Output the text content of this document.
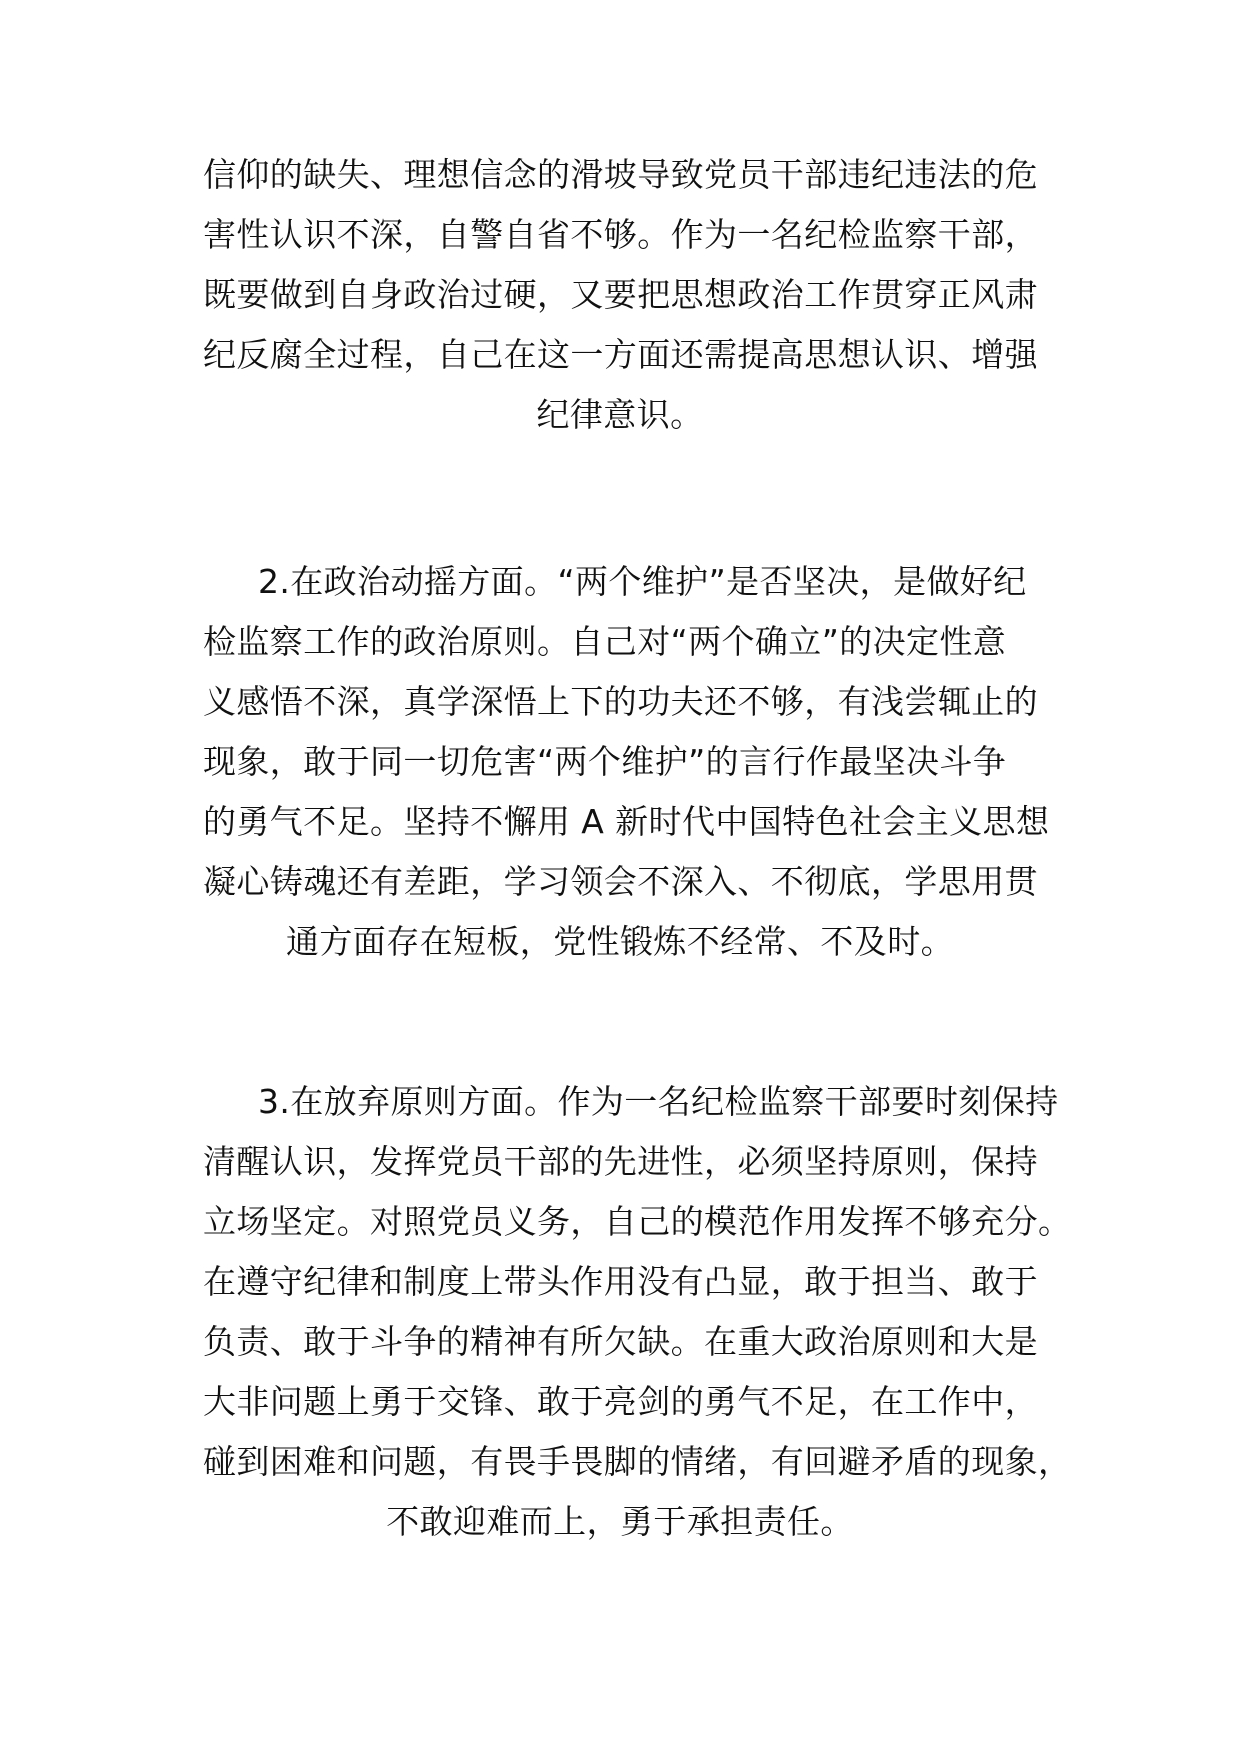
信仰的缺失、理想信念的滑坡导致党员干部违纪违法的危
害性认识不深，自警自省不够。作为一名纪检监察干部，
既要做到自身政治过硬，又要把思想政治工作贯穿正风肃
纪反腐全过程，自己在这一方面还需提高思想认识、增强
纪律意识。
2.在政治动摇方面。“两个维护”是否坚决，是做好纪
检监察工作的政治原则。自己对“两个确立”的决定性意
义感悟不深，真学深悟上下的功夫还不够，有浅尝辄止的
现象，敢于同一切危害“两个维护”的言行作最坚决斗争
的勇气不足。坚持不懈用 A 新时代中国特色社会主义思想
凝心铸魂还有差距，学习领会不深入、不彻底，学思用贯
通方面存在短板，党性锻炼不经常、不及时。
3.在放弃原则方面。作为一名纪检监察干部要时刻保持
清醒认识，发挥党员干部的先进性，必须坚持原则，保持
立场坚定。对照党员义务，自己的模范作用发挥不够充分。
在遵守纪律和制度上带头作用没有凸显，敢于担当、敢于
负责、敢于斗争的精神有所欠缺。在重大政治原则和大是
大非问题上勇于交锋、敢于亮剑的勇气不足，在工作中，
碰到困难和问题，有畏手畏脚的情绪，有回避矛盾的现象，
不敢迎难而上，勇于承担责任。
